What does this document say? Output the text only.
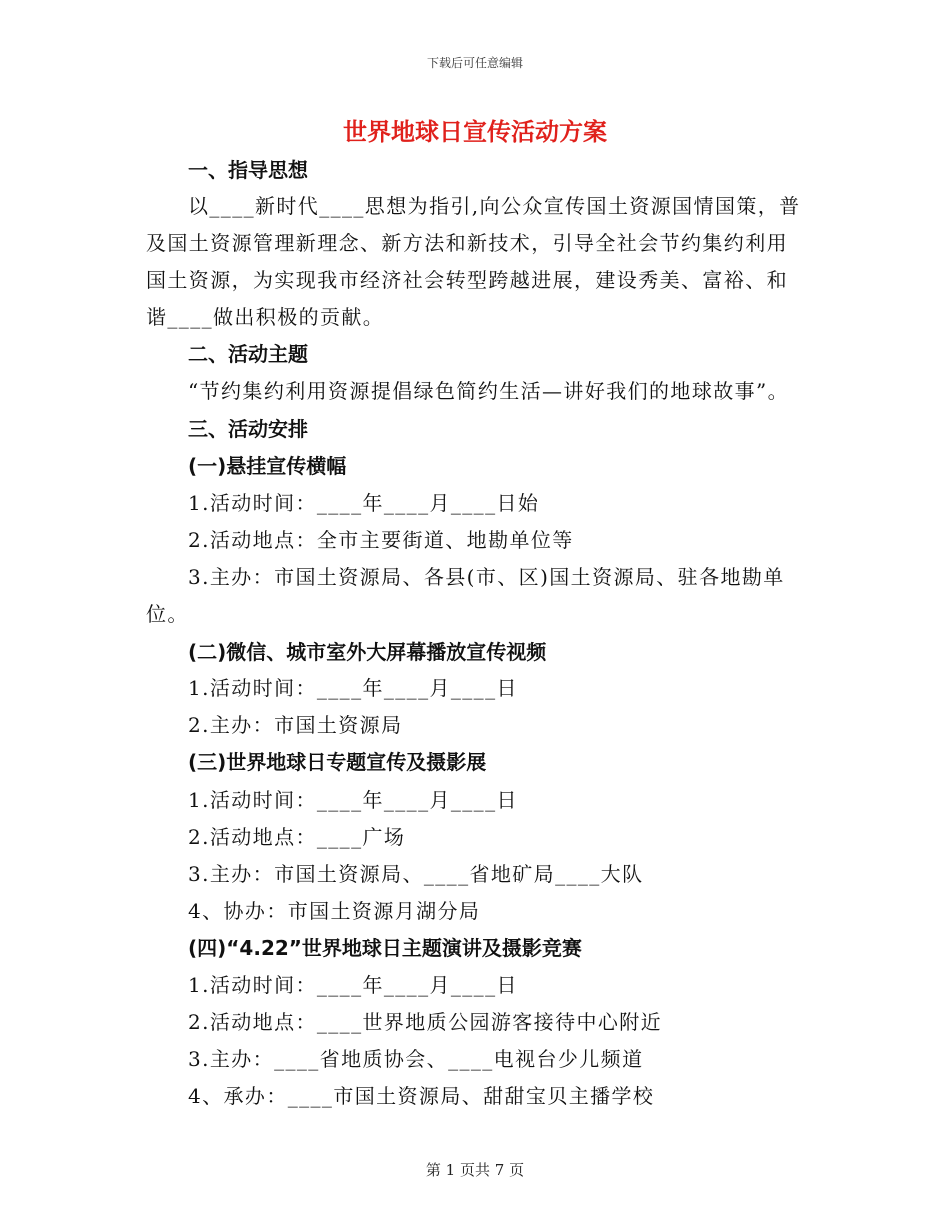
下载后可任意编辑
世界地球日宣传活动方案
一、指导思想
以____新时代____思想为指引,向公众宣传国土资源国情国策，普
及国土资源管理新理念、新方法和新技术，引导全社会节约集约利用
国土资源，为实现我市经济社会转型跨越进展，建设秀美、富裕、和
谐____做出积极的贡献。
二、活动主题
“节约集约利用资源提倡绿色简约生活—讲好我们的地球故事”。
三、活动安排
(一)悬挂宣传横幅
1.活动时间：____年____月____日始
2.活动地点：全市主要街道、地勘单位等
3.主办：市国土资源局、各县(市、区)国土资源局、驻各地勘单
位。
(二)微信、城市室外大屏幕播放宣传视频
1.活动时间：____年____月____日
2.主办：市国土资源局
(三)世界地球日专题宣传及摄影展
1.活动时间：____年____月____日
2.活动地点：____广场
3.主办：市国土资源局、____省地矿局____大队
4、协办：市国土资源月湖分局
(四)“4.22”世界地球日主题演讲及摄影竞赛
1.活动时间：____年____月____日
2.活动地点：____世界地质公园游客接待中心附近
3.主办：____省地质协会、____电视台少儿频道
4、承办：____市国土资源局、甜甜宝贝主播学校
第 1 页共 7 页
